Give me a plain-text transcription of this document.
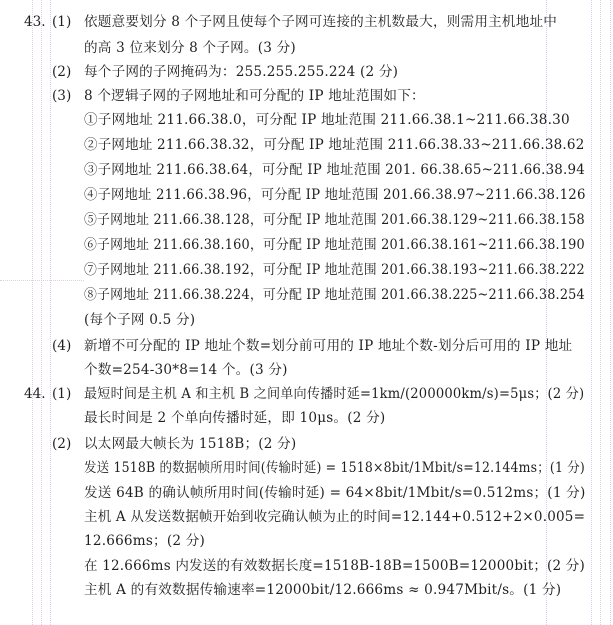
43. (1) 依题意要划分 8 个子网且使每个子网可连接的主机数最大，则需用主机地址中
的高 3 位来划分 8 个子网。(3 分)
(2) 每个子网的子网掩码为：255.255.255.224 (2 分)
(3) 8 个逻辑子网的子网地址和可分配的 IP 地址范围如下：
①子网地址 211.66.38.0，可分配 IP 地址范围 211.66.38.1~211.66.38.30
②子网地址 211.66.38.32，可分配 IP 地址范围 211.66.38.33~211.66.38.62
③子网地址 211.66.38.64，可分配 IP 地址范围 201. 66.38.65~211.66.38.94
④子网地址 211.66.38.96，可分配 IP 地址范围 201.66.38.97~211.66.38.126
⑤子网地址 211.66.38.128，可分配 IP 地址范围 201.66.38.129~211.66.38.158
⑥子网地址 211.66.38.160，可分配 IP 地址范围 201.66.38.161~211.66.38.190
⑦子网地址 211.66.38.192，可分配 IP 地址范围 201.66.38.193~211.66.38.222
⑧子网地址 211.66.38.224，可分配 IP 地址范围 201.66.38.225~211.66.38.254
(每个子网 0.5 分)
(4) 新增不可分配的 IP 地址个数=划分前可用的 IP 地址个数-划分后可用的 IP 地址
个数=254-30*8=14 个。(3 分)
44. (1) 最短时间是主机 A 和主机 B 之间单向传播时延=1km/(200000km/s)=5μs；(2 分)
最长时间是 2 个单向传播时延，即 10μs。(2 分)
(2) 以太网最大帧长为 1518B；(2 分)
发送 1518B 的数据帧所用时间(传输时延) = 1518×8bit/1Mbit/s=12.144ms；(1 分)
发送 64B 的确认帧所用时间(传输时延) = 64×8bit/1Mbit/s=0.512ms；(1 分)
主机 A 从发送数据帧开始到收完确认帧为止的时间=12.144+0.512+2×0.005=
12.666ms；(2 分)
在 12.666ms 内发送的有效数据长度=1518B-18B=1500B=12000bit；(2 分)
主机 A 的有效数据传输速率=12000bit/12.666ms ≈ 0.947Mbit/s。(1 分)
